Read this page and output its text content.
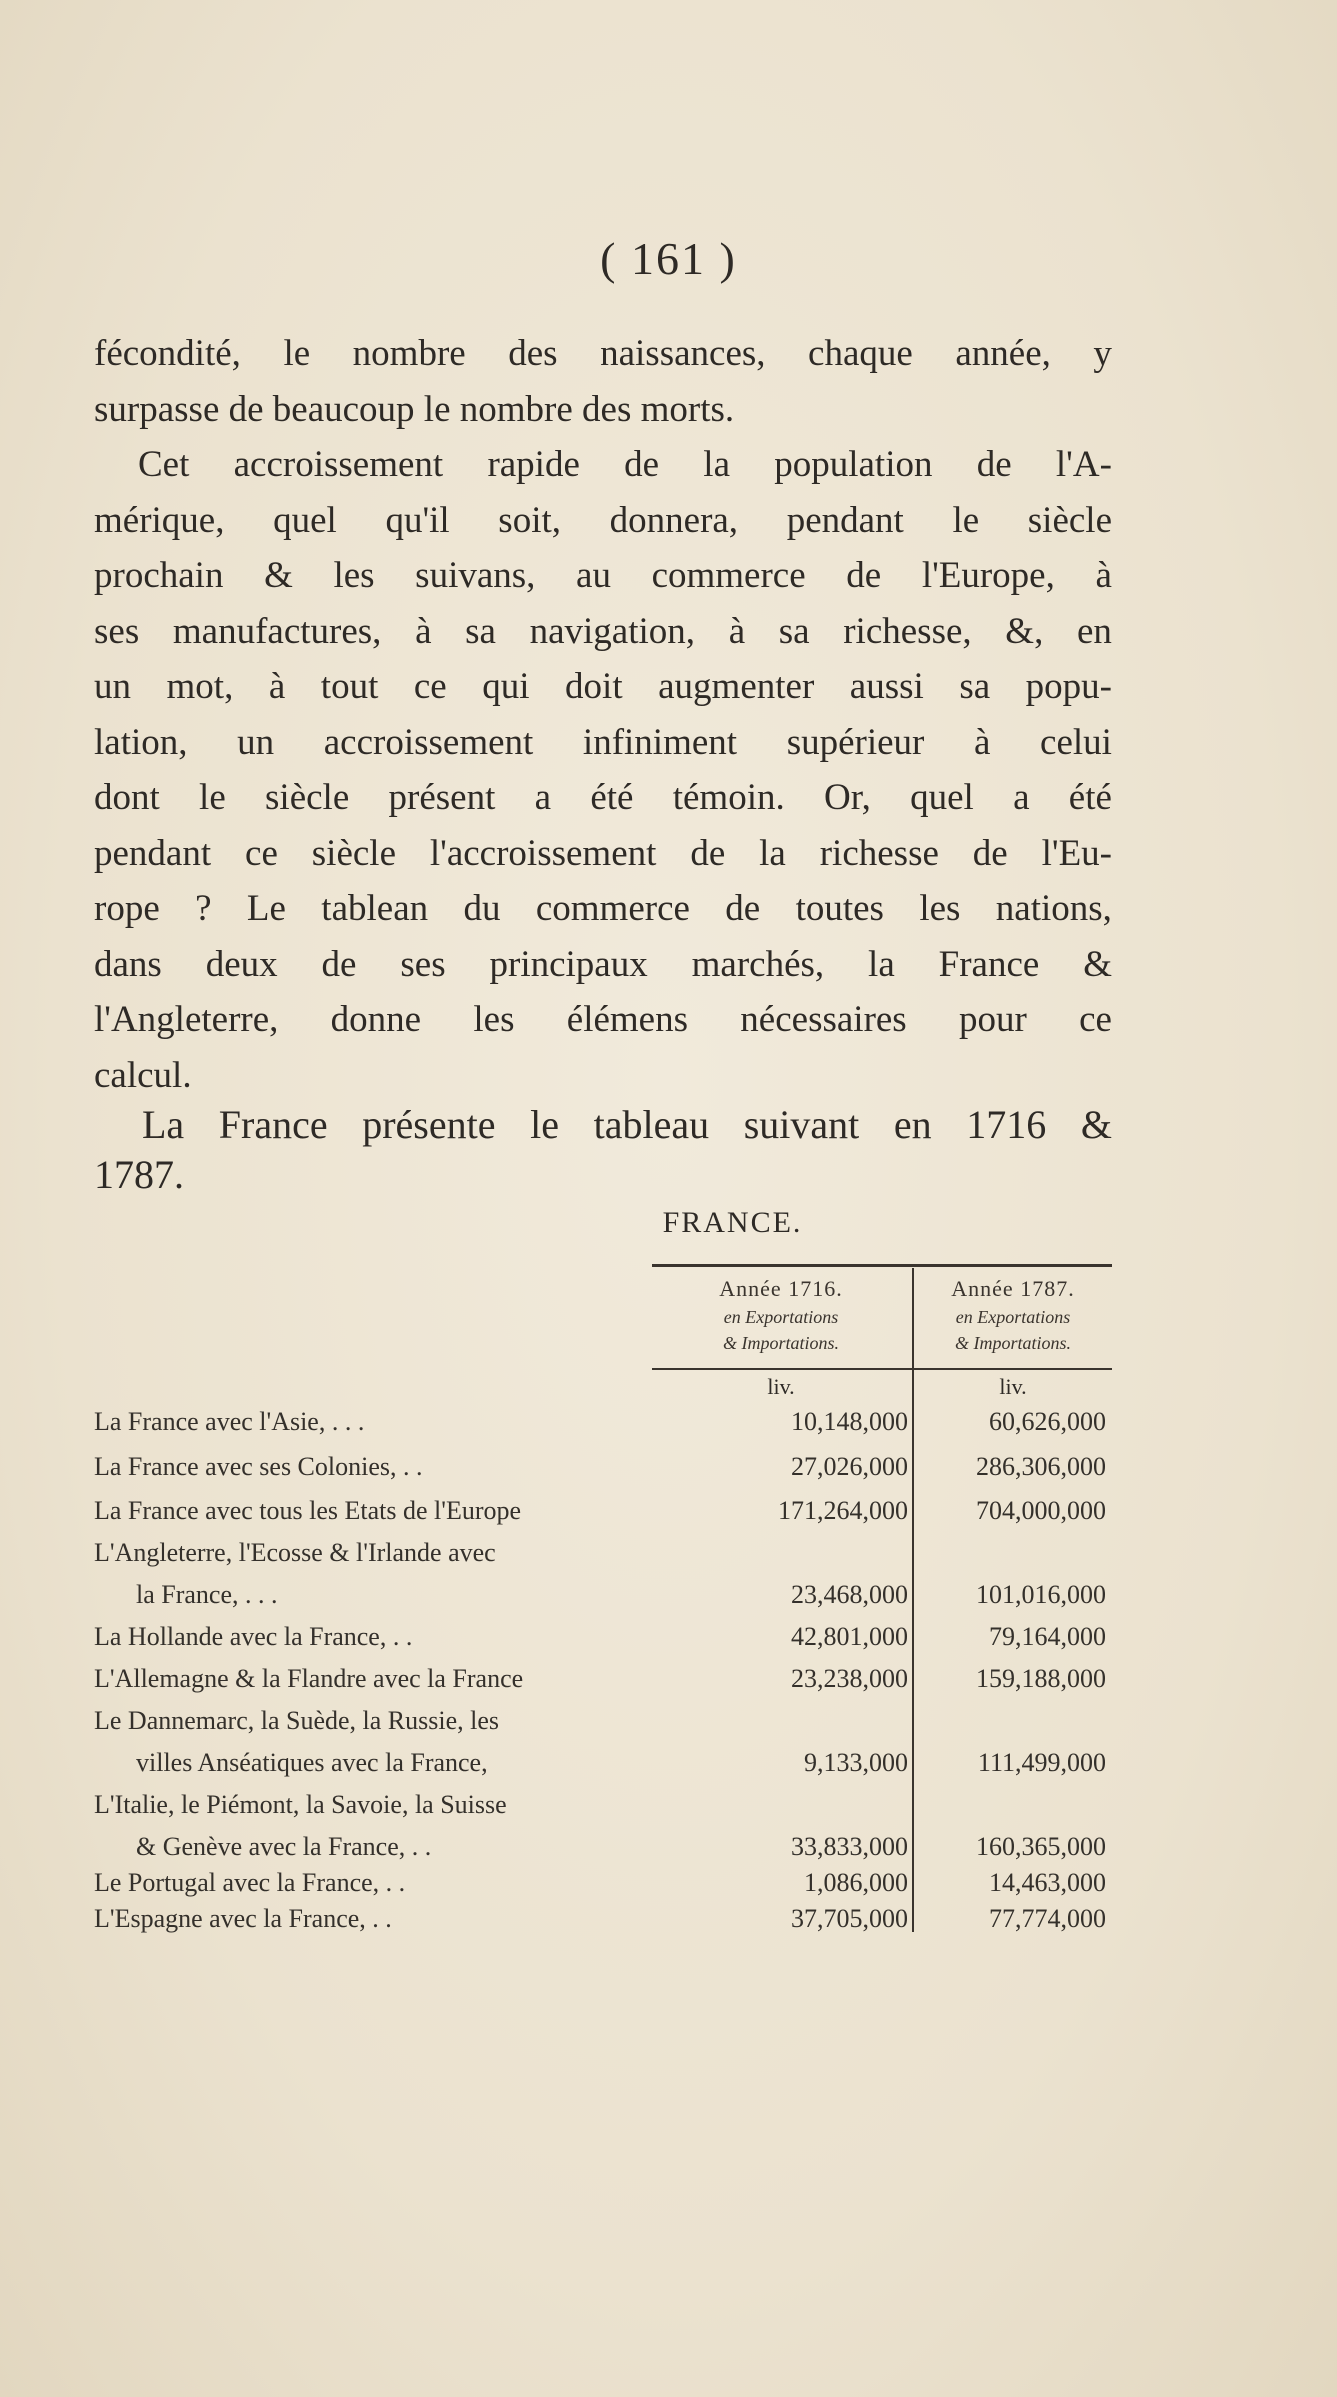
( 161 )
fécondité, le nombre des naissances, chaque année, y
surpasse de beaucoup le nombre des morts.
Cet accroissement rapide de la population de l'A-
mérique, quel qu'il soit, donnera, pendant le siècle
prochain & les suivans, au commerce de l'Europe, à
ses manufactures, à sa navigation, à sa richesse, &, en
un mot, à tout ce qui doit augmenter aussi sa popu-
lation, un accroissement infiniment supérieur à celui
dont le siècle présent a été témoin. Or, quel a été
pendant ce siècle l'accroissement de la richesse de l'Eu-
rope ? Le tablean du commerce de toutes les nations,
dans deux de ses principaux marchés, la France &
l'Angleterre, donne les élémens nécessaires pour ce
calcul.
La France présente le tableau suivant en 1716 &
1787.
FRANCE.
Année 1716.
en Exportations
& Importations.
Année 1787.
en Exportations
& Importations.
liv.	liv.
La France avec l'Asie, . . .	10,148,000	60,626,000
La France avec ses Colonies, . .	27,026,000	286,306,000
La France avec tous les Etats de l'Europe	171,264,000	704,000,000
L'Angleterre, l'Ecosse & l'Irlande avec
la France, . . .	23,468,000	101,016,000
La Hollande avec la France, . .	42,801,000	79,164,000
L'Allemagne & la Flandre avec la France	23,238,000	159,188,000
Le Dannemarc, la Suède, la Russie, les
villes Anséatiques avec la France,	9,133,000	111,499,000
L'Italie, le Piémont, la Savoie, la Suisse
& Genève avec la France, . .	33,833,000	160,365,000
Le Portugal avec la France, . .	1,086,000	14,463,000
L'Espagne avec la France, . .	37,705,000	77,774,000
